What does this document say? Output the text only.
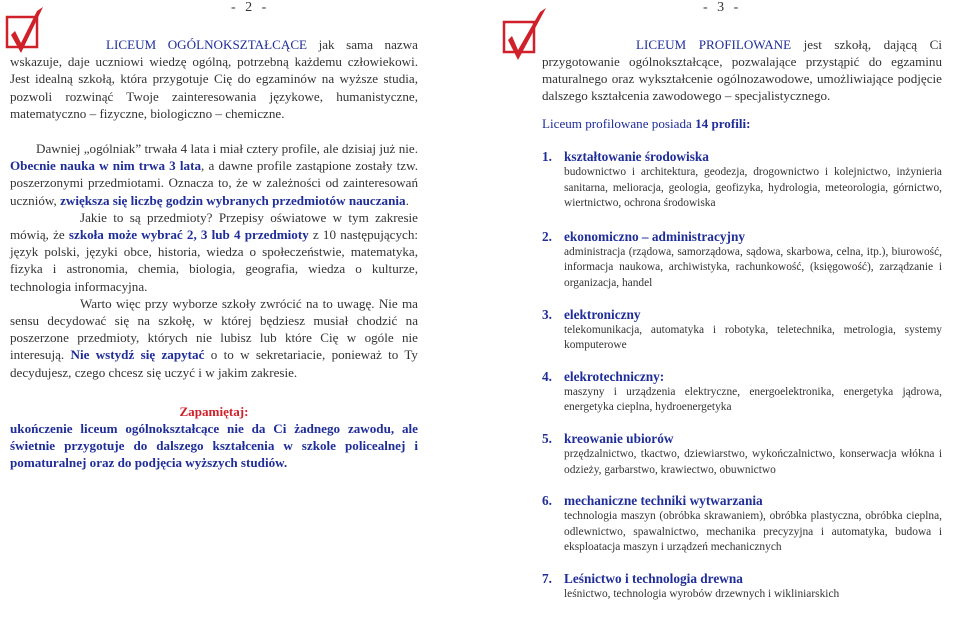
- 2 -

LICEUM OGÓLNOKSZTAŁCĄCE jak sama nazwa wskazuje, daje uczniowi wiedzę ogólną, potrzebną każdemu człowiekowi. Jest idealną szkołą, która przygotuje Cię do egzaminów na wyższe studia, pozwoli rozwinąć Twoje zainteresowania językowe, humanistyczne, matematyczno – fizyczne, biologiczno – chemiczne.

Dawniej „ogólniak” trwała 4 lata i miał cztery profile, ale dzisiaj już nie. Obecnie nauka w nim trwa 3 lata, a dawne profile zastąpione zostały tzw. poszerzonymi przedmiotami. Oznacza to, że w zależności od zainteresowań uczniów, zwiększa się liczbę godzin wybranych przedmiotów nauczania.

Jakie to są przedmioty? Przepisy oświatowe w tym zakresie mówią, że szkoła może wybrać 2, 3 lub 4 przedmioty z 10 następujących: język polski, języki obce, historia, wiedza o społeczeństwie, matematyka, fizyka i astronomia, chemia, biologia, geografia, wiedza o kulturze, technologia informacyjna.

Warto więc przy wyborze szkoły zwrócić na to uwagę. Nie ma sensu decydować się na szkołę, w której będziesz musiał chodzić na poszerzone przedmioty, których nie lubisz lub które Cię w ogóle nie interesują. Nie wstydź się zapytać o to w sekretariacie, ponieważ to Ty decydujesz, czego chcesz się uczyć i w jakim zakresie.

Zapamiętaj:

ukończenie liceum ogólnokształcące nie da Ci żadnego zawodu, ale świetnie przygotuje do dalszego kształcenia w szkole policealnej i pomaturalnej oraz do podjęcia wyższych studiów.

- 3 -

LICEUM PROFILOWANE jest szkołą, dającą Ci przygotowanie ogólnokształcące, pozwalające przystąpić do egzaminu maturalnego oraz wykształcenie ogólnozawodowe, umożliwiające podjęcie dalszego kształcenia zawodowego – specjalistycznego.

Liceum profilowane posiada 14 profili:

1. kształtowanie środowiska
budownictwo i architektura, geodezja, drogownictwo i kolejnictwo, inżynieria sanitarna, melioracja, geologia, geofizyka, hydrologia, meteorologia, górnictwo, wiertnictwo, ochrona środowiska
2. ekonomiczno – administracyjny
administracja (rządowa, samorządowa, sądowa, skarbowa, celna, itp.), biurowość, informacja naukowa, archiwistyka, rachunkowość, (księgowość), zarządzanie i organizacja, handel
3. elektroniczny
telekomunikacja, automatyka i robotyka, teletechnika, metrologia, systemy komputerowe
4. elekrotechniczny:
maszyny i urządzenia elektryczne, energoelektronika, energetyka jądrowa, energetyka cieplna, hydroenergetyka
5. kreowanie ubiorów
przędzalnictwo, tkactwo, dziewiarstwo, wykończalnictwo, konserwacja włókna i odzieży, garbarstwo, krawiectwo, obuwnictwo
6. mechaniczne techniki wytwarzania
technologia maszyn (obróbka skrawaniem), obróbka plastyczna, obróbka cieplna, odlewnictwo, spawalnictwo, mechanika precyzyjna i automatyka, budowa i eksploatacja maszyn i urządzeń mechanicznych
7. Leśnictwo i technologia drewna
leśnictwo, technologia wyrobów drzewnych i wikliniarskich
